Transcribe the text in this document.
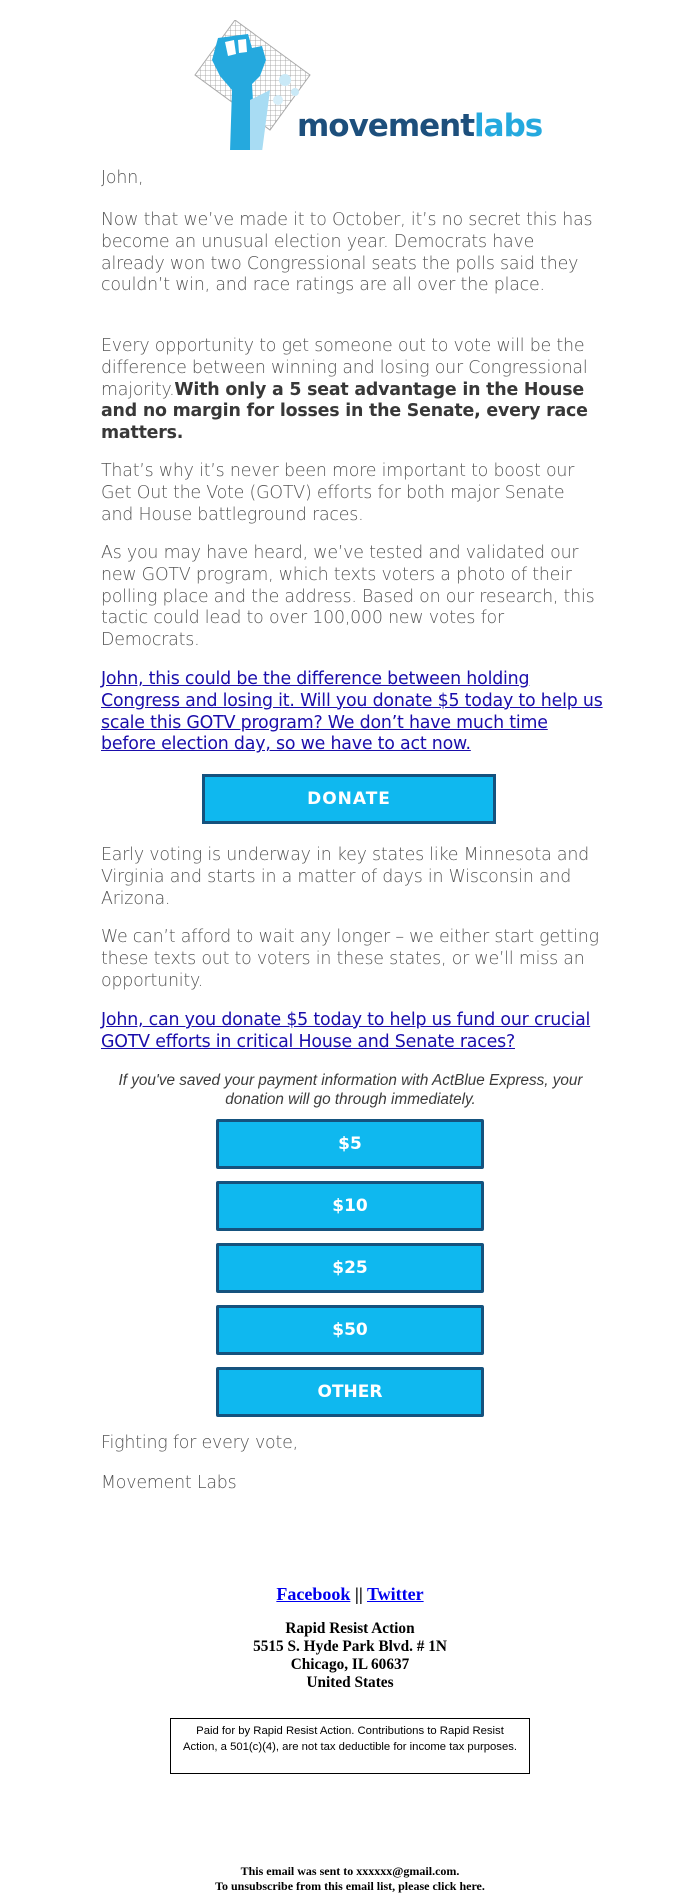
movementlabs

John,

Now that we’ve made it to October, it’s no secret this has become an unusual election year. Democrats have already won two Congressional seats the polls said they couldn’t win, and race ratings are all over the place.

Every opportunity to get someone out to vote will be the difference between winning and losing our Congressional majority.With only a 5 seat advantage in the House and no margin for losses in the Senate, every race matters.

That’s why it’s never been more important to boost our Get Out the Vote (GOTV) efforts for both major Senate and House battleground races.

As you may have heard, we’ve tested and validated our new GOTV program, which texts voters a photo of their polling place and the address. Based on our research, this tactic could lead to over 100,000 new votes for Democrats.

John, this could be the difference between holding Congress and losing it. Will you donate $5 today to help us scale this GOTV program? We don’t have much time before election day, so we have to act now.

DONATE

Early voting is underway in key states like Minnesota and Virginia and starts in a matter of days in Wisconsin and Arizona.

We can’t afford to wait any longer – we either start getting these texts out to voters in these states, or we’ll miss an opportunity.

John, can you donate $5 today to help us fund our crucial GOTV efforts in critical House and Senate races?

If you've saved your payment information with ActBlue Express, your donation will go through immediately.

$5
$10
$25
$50
OTHER

Fighting for every vote,

Movement Labs

Facebook || Twitter
Rapid Resist Action
5515 S. Hyde Park Blvd. # 1N
Chicago, IL 60637
United States
Paid for by Rapid Resist Action. Contributions to Rapid Resist Action, a 501(c)(4), are not tax deductible for income tax purposes.
This email was sent to xxxxxx@gmail.com.
To unsubscribe from this email list, please click here.
